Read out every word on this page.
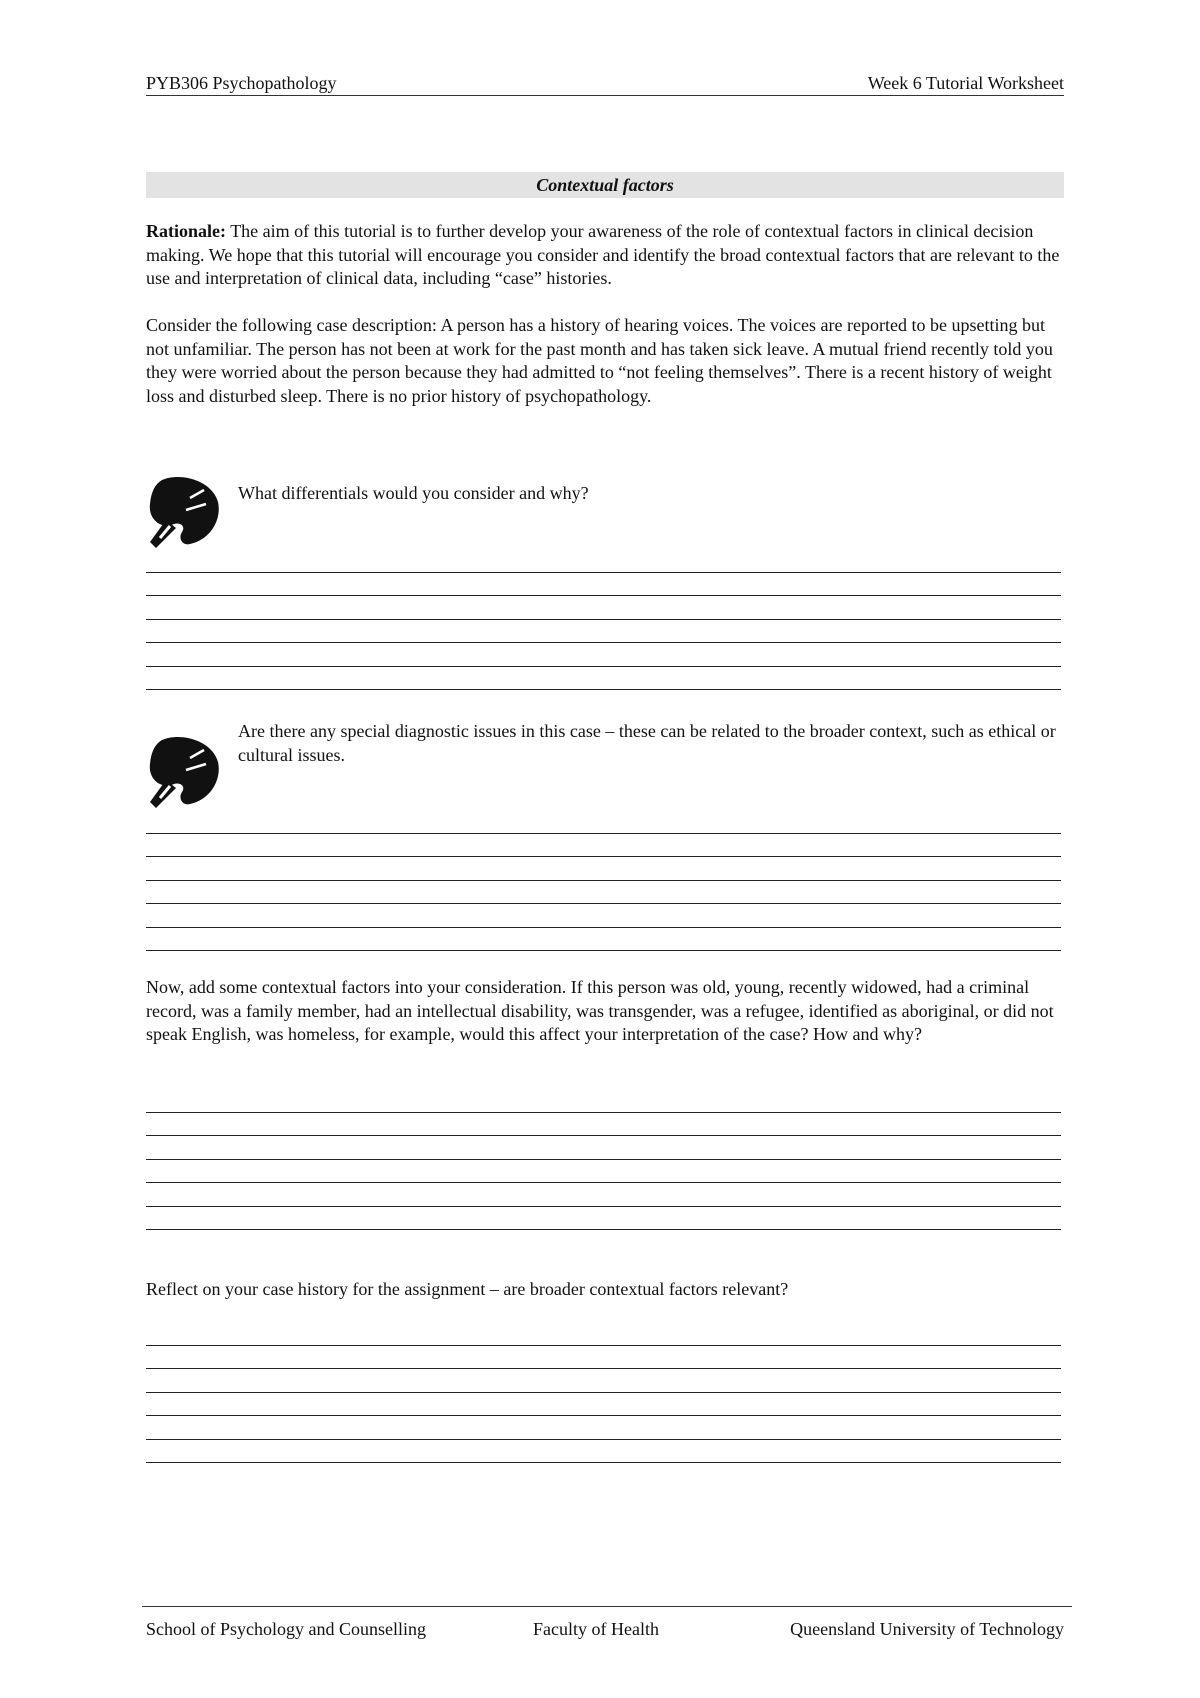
PYB306 Psychopathology	Week 6 Tutorial Worksheet
Contextual factors

Rationale: The aim of this tutorial is to further develop your awareness of the role of contextual factors in clinical decision making. We hope that this tutorial will encourage you consider and identify the broad contextual factors that are relevant to the use and interpretation of clinical data, including “case” histories.

Consider the following case description: A person has a history of hearing voices. The voices are reported to be upsetting but not unfamiliar. The person has not been at work for the past month and has taken sick leave. A mutual friend recently told you they were worried about the person because they had admitted to “not feeling themselves”. There is a recent history of weight loss and disturbed sleep. There is no prior history of psychopathology.

What differentials would you consider and why?

Are there any special diagnostic issues in this case – these can be related to the broader context, such as ethical or cultural issues.

Now, add some contextual factors into your consideration. If this person was old, young, recently widowed, had a criminal record, was a family member, had an intellectual disability, was transgender, was a refugee, identified as aboriginal, or did not speak English, was homeless, for example, would this affect your interpretation of the case? How and why?

Reflect on your case history for the assignment – are broader contextual factors relevant?

School of Psychology and Counselling	Faculty of Health	Queensland University of Technology
